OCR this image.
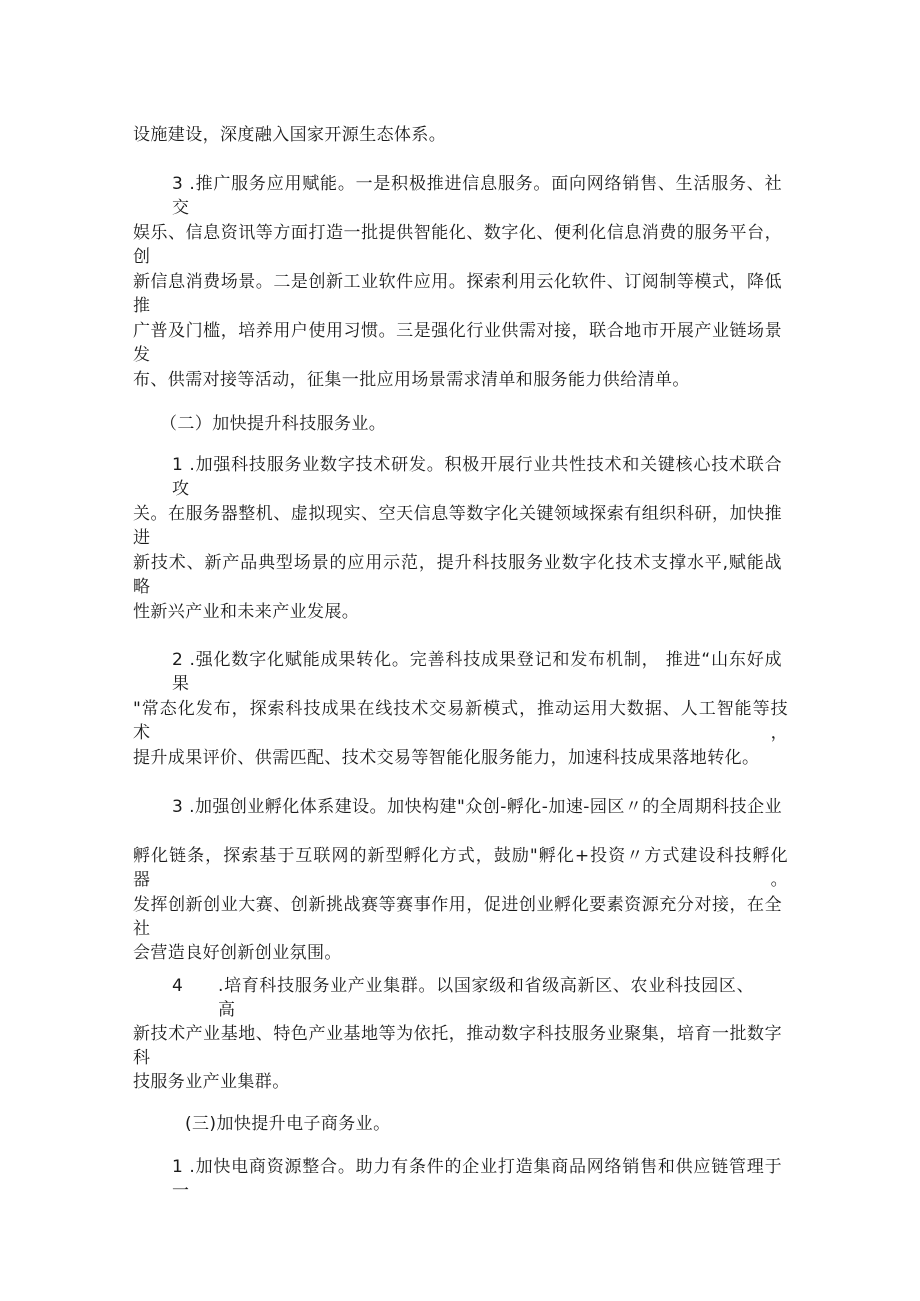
设施建设，深度融入国家开源生态体系。
3 .推广服务应用赋能。一是积极推进信息服务。面向网络销售、生活服务、社交
娱乐、信息资讯等方面打造一批提供智能化、数字化、便利化信息消费的服务平台，创
新信息消费场景。二是创新工业软件应用。探索利用云化软件、订阅制等模式，降低推
广普及门槛，培养用户使用习惯。三是强化行业供需对接，联合地市开展产业链场景发
布、供需对接等活动，征集一批应用场景需求清单和服务能力供给清单。
（二）加快提升科技服务业。
1 .加强科技服务业数字技术研发。积极开展行业共性技术和关键核心技术联合攻
关。在服务器整机、虚拟现实、空天信息等数字化关键领域探索有组织科研，加快推进
新技术、新产品典型场景的应用示范，提升科技服务业数字化技术支撑水平,赋能战略
性新兴产业和未来产业发展。
2 .强化数字化赋能成果转化。完善科技成果登记和发布机制， 推进“山东好成果
"常态化发布，探索科技成果在线技术交易新模式，推动运用大数据、人工智能等技术，
提升成果评价、供需匹配、技术交易等智能化服务能力，加速科技成果落地转化。
3 .加强创业孵化体系建设。加快构建"众创-孵化-加速-园区〃的全周期科技企业
孵化链条，探索基于互联网的新型孵化方式，鼓励"孵化+投资〃方式建设科技孵化器。
发挥创新创业大赛、创新挑战赛等赛事作用，促进创业孵化要素资源充分对接，在全社
会营造良好创新创业氛围。
4 .培育科技服务业产业集群。以国家级和省级高新区、农业科技园区、高
新技术产业基地、特色产业基地等为依托，推动数字科技服务业聚集，培育一批数字科
技服务业产业集群。
(三)加快提升电子商务业。
1 .加快电商资源整合。助力有条件的企业打造集商品网络销售和供应链管理于一
